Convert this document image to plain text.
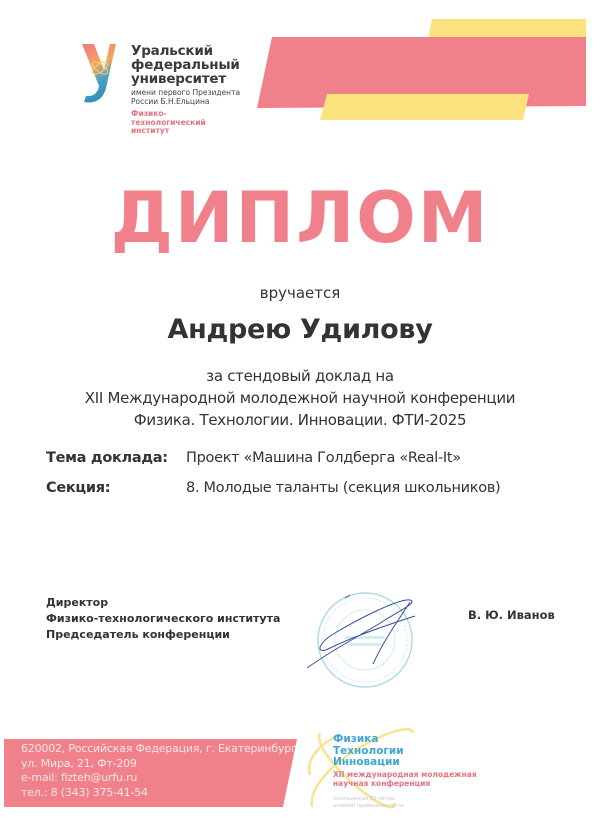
Уральский
федеральный
университет
имени первого Президента
России Б.Н.Ельцина
Физико-
технологический
институт
ДИПЛОМ
вручается
Андрею Удилову
за стендовый доклад на
XII Международной молодежной научной конференции
Физика. Технологии. Инновации. ФТИ-2025
Тема доклада: Проект «Машина Голдберга «Real-It»
Секция:	8. Молодые таланты (секция школьников)
Директор
Физико-технологического института
Председатель конференции
В. Ю. Иванов
620002, Российская Федерация, г. Екатеринбург
ул. Мира, 21, Фт-209
e-mail: fizteh@urfu.ru
тел.: 8 (343) 375-41-54
Физика
Технологии
Инновации
XII международная молодежная
научная конференция
посвященная 80-летию
атомной промышленности
